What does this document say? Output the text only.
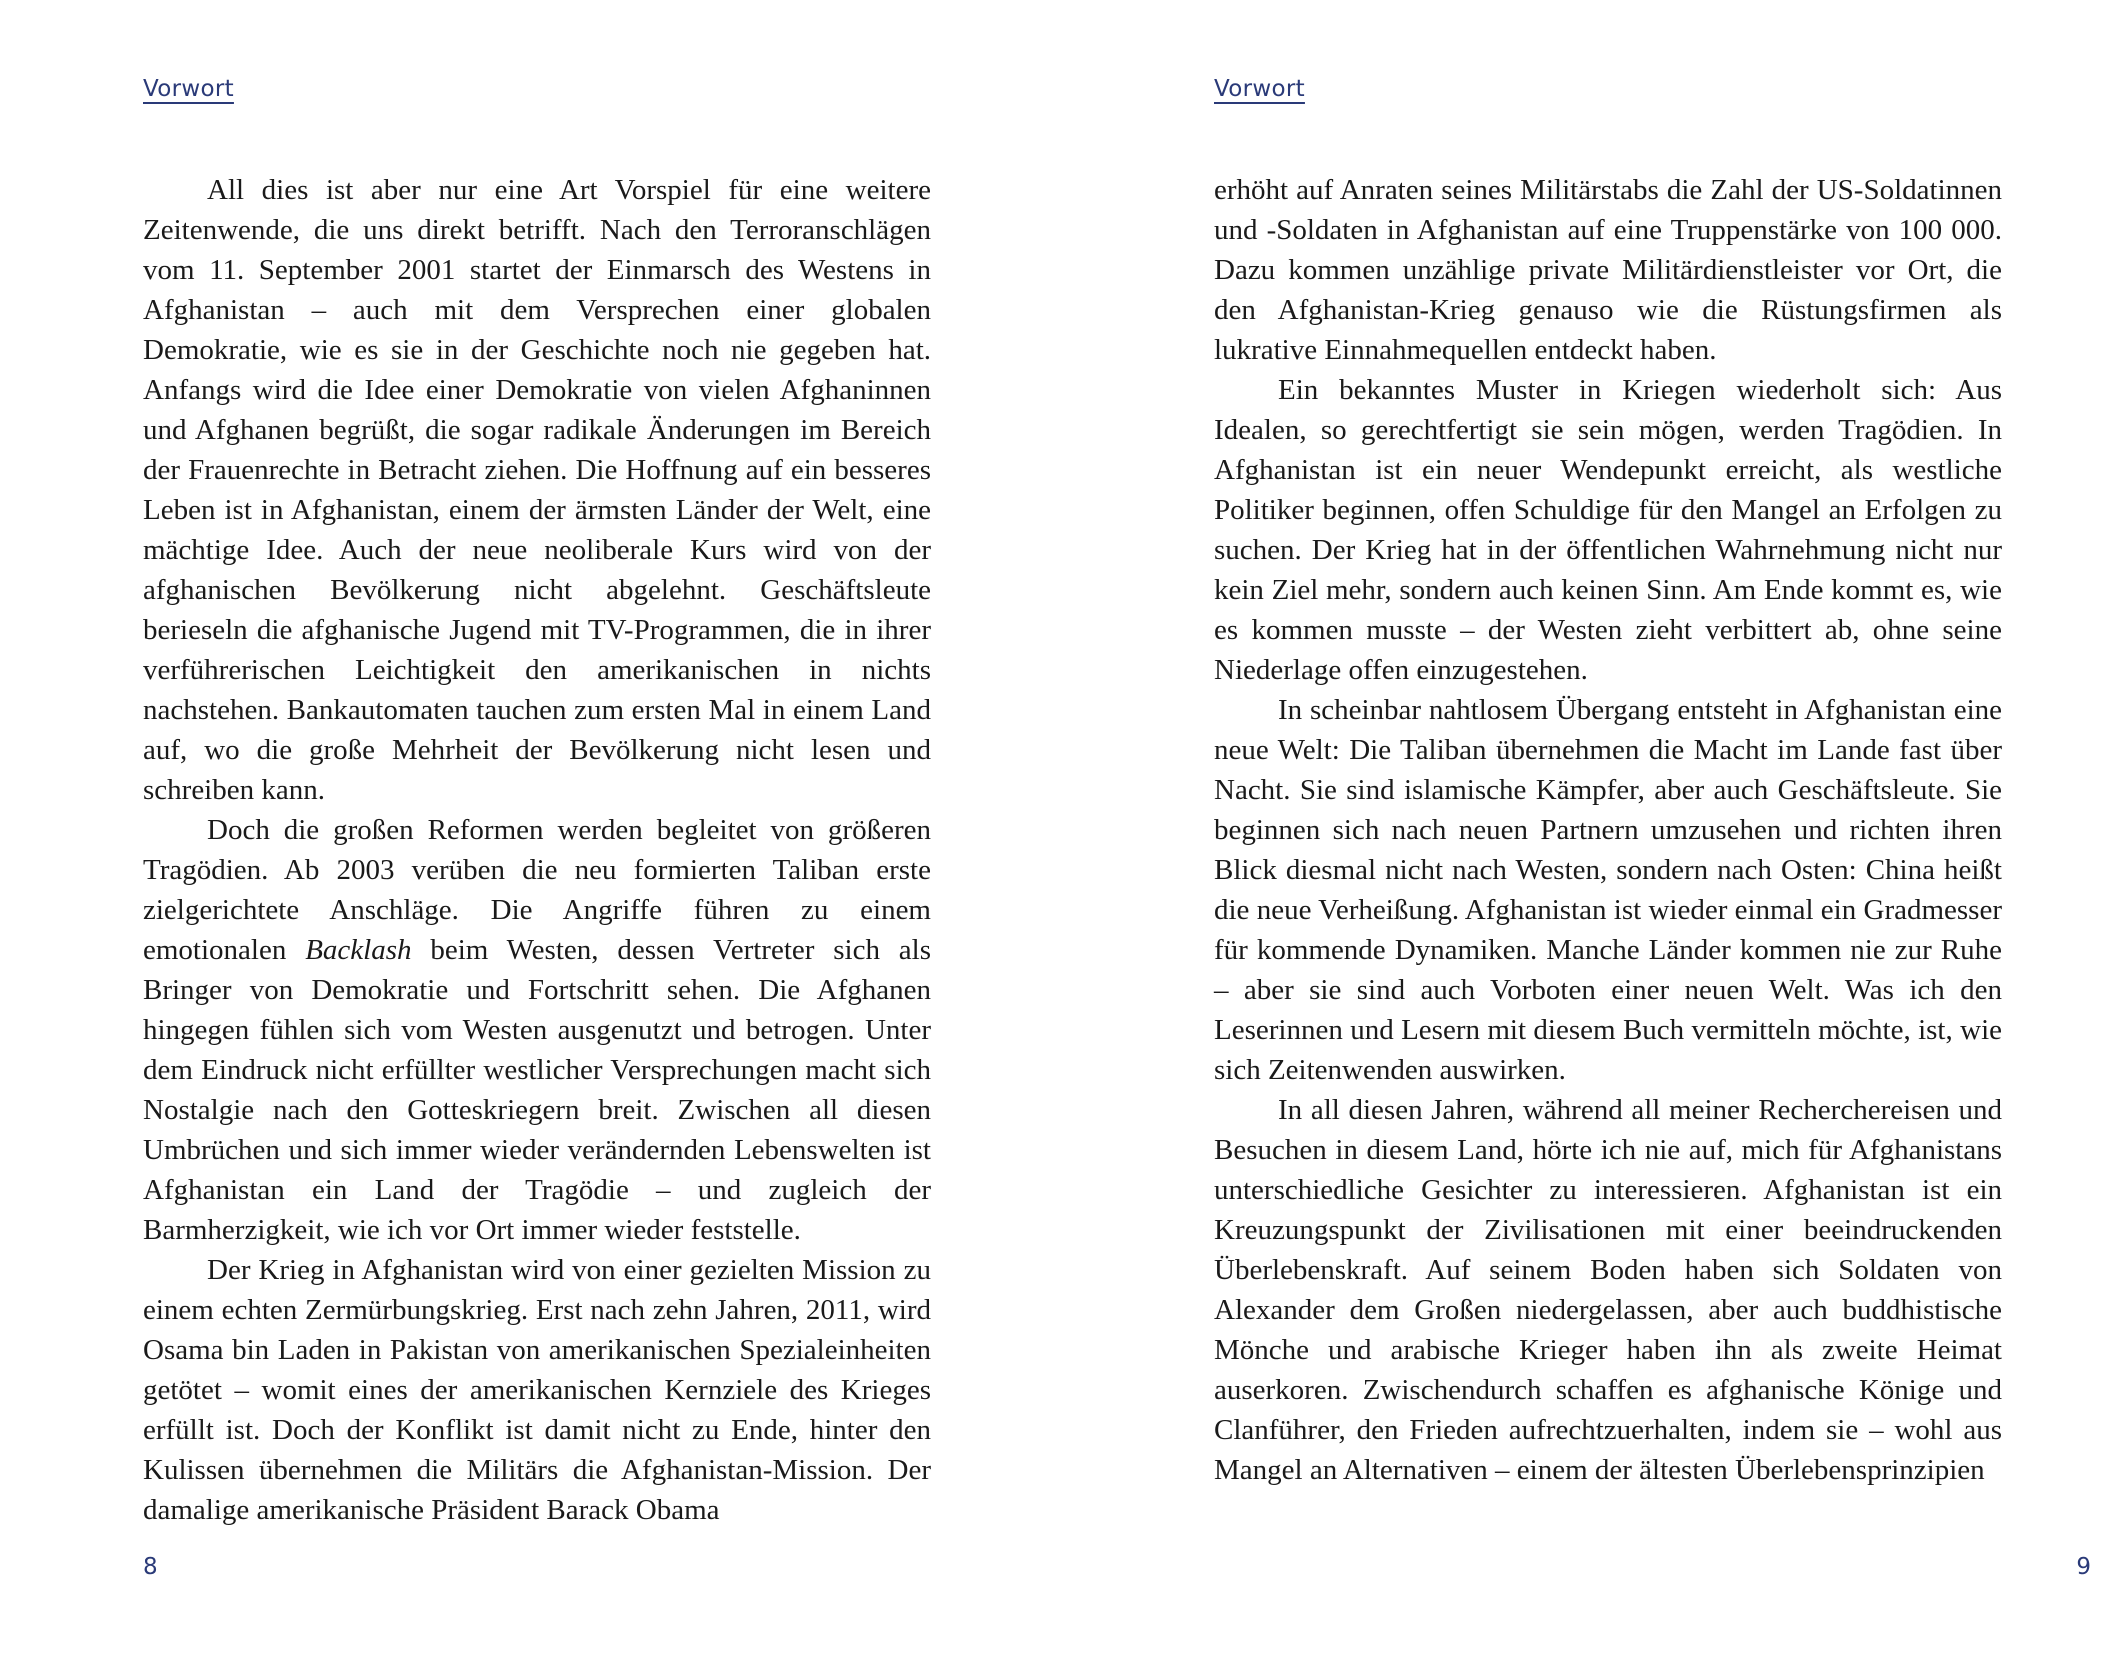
Vorwort

All dies ist aber nur eine Art Vorspiel für eine weitere Zeitenwende, die uns direkt betrifft. Nach den Terroranschlägen vom 11. September 2001 startet der Einmarsch des Westens in Afghanistan – auch mit dem Versprechen einer globalen Demokratie, wie es sie in der Geschichte noch nie gegeben hat. Anfangs wird die Idee einer Demokratie von vielen Afghaninnen und Afghanen begrüßt, die sogar radikale Änderungen im Bereich der Frauenrechte in Betracht ziehen. Die Hoffnung auf ein besseres Leben ist in Afghanistan, einem der ärmsten Länder der Welt, eine mächtige Idee. Auch der neue neoliberale Kurs wird von der afghanischen Bevölkerung nicht abgelehnt. Geschäftsleute berieseln die afghanische Jugend mit TV-Programmen, die in ihrer verführerischen Leichtigkeit den amerikanischen in nichts nachstehen. Bankautomaten tauchen zum ersten Mal in einem Land auf, wo die große Mehrheit der Bevölkerung nicht lesen und schreiben kann.

Doch die großen Reformen werden begleitet von größeren Tragödien. Ab 2003 verüben die neu formierten Taliban erste zielgerichtete Anschläge. Die Angriffe führen zu einem emotionalen Backlash beim Westen, dessen Vertreter sich als Bringer von Demokratie und Fortschritt sehen. Die Afghanen hingegen fühlen sich vom Westen ausgenutzt und betrogen. Unter dem Eindruck nicht erfüllter westlicher Versprechungen macht sich Nostalgie nach den Gotteskriegern breit. Zwischen all diesen Umbrüchen und sich immer wieder verändernden Lebenswelten ist Afghanistan ein Land der Tragödie – und zugleich der Barmherzigkeit, wie ich vor Ort immer wieder feststelle.

Der Krieg in Afghanistan wird von einer gezielten Mission zu einem echten Zermürbungskrieg. Erst nach zehn Jahren, 2011, wird Osama bin Laden in Pakistan von amerikanischen Spezialeinheiten getötet – womit eines der amerikanischen Kernziele des Krieges erfüllt ist. Doch der Konflikt ist damit nicht zu Ende, hinter den Kulissen übernehmen die Militärs die Afghanistan-Mission. Der damalige amerikanische Präsident Barack Obama

8
Vorwort

erhöht auf Anraten seines Militärstabs die Zahl der US-Soldatinnen und -Soldaten in Afghanistan auf eine Truppenstärke von 100 000. Dazu kommen unzählige private Militärdienstleister vor Ort, die den Afghanistan-Krieg genauso wie die Rüstungsfirmen als lukrative Einnahmequellen entdeckt haben.

Ein bekanntes Muster in Kriegen wiederholt sich: Aus Idealen, so gerechtfertigt sie sein mögen, werden Tragödien. In Afghanistan ist ein neuer Wendepunkt erreicht, als westliche Politiker beginnen, offen Schuldige für den Mangel an Erfolgen zu suchen. Der Krieg hat in der öffentlichen Wahrnehmung nicht nur kein Ziel mehr, sondern auch keinen Sinn. Am Ende kommt es, wie es kommen musste – der Westen zieht verbittert ab, ohne seine Niederlage offen einzugestehen.

In scheinbar nahtlosem Übergang entsteht in Afghanistan eine neue Welt: Die Taliban übernehmen die Macht im Lande fast über Nacht. Sie sind islamische Kämpfer, aber auch Geschäftsleute. Sie beginnen sich nach neuen Partnern umzusehen und richten ihren Blick diesmal nicht nach Westen, sondern nach Osten: China heißt die neue Verheißung. Afghanistan ist wieder einmal ein Gradmesser für kommende Dynamiken. Manche Länder kommen nie zur Ruhe – aber sie sind auch Vorboten einer neuen Welt. Was ich den Leserinnen und Lesern mit diesem Buch vermitteln möchte, ist, wie sich Zeitenwenden auswirken.

In all diesen Jahren, während all meiner Recherchereisen und Besuchen in diesem Land, hörte ich nie auf, mich für Afghanistans unterschiedliche Gesichter zu interessieren. Afghanistan ist ein Kreuzungspunkt der Zivilisationen mit einer beeindruckenden Überlebenskraft. Auf seinem Boden haben sich Soldaten von Alexander dem Großen niedergelassen, aber auch buddhistische Mönche und arabische Krieger haben ihn als zweite Heimat auserkoren. Zwischendurch schaffen es afghanische Könige und Clanführer, den Frieden aufrechtzuerhalten, indem sie – wohl aus Mangel an Alternativen – einem der ältesten Überlebensprinzipien

9
